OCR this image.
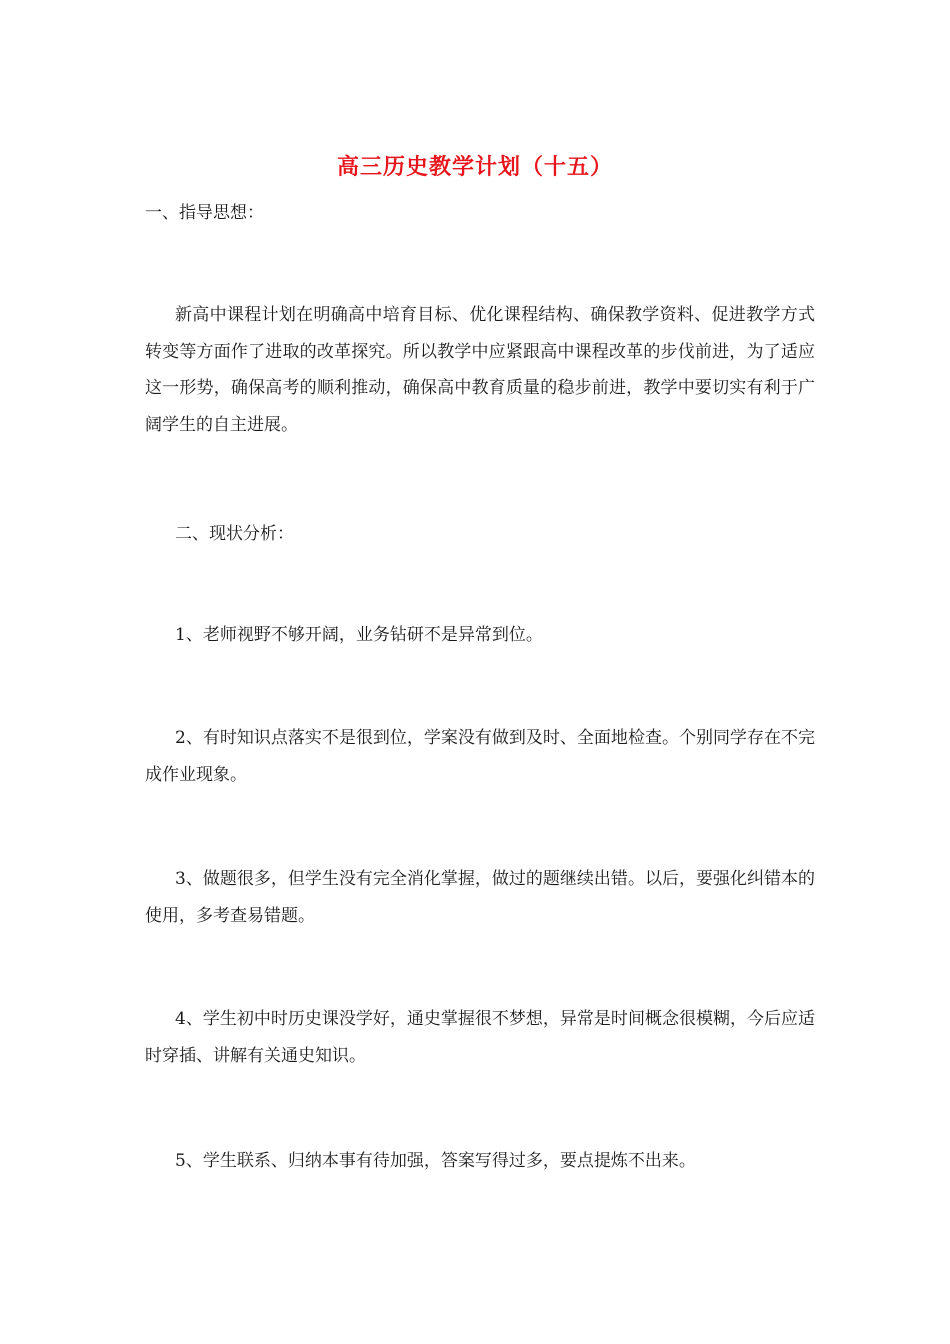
高三历史教学计划（十五）
一、指导思想：
新高中课程计划在明确高中培育目标、优化课程结构、确保教学资料、促进教学方式转变等方面作了进取的改革探究。所以教学中应紧跟高中课程改革的步伐前进，为了适应这一形势，确保高考的顺利推动，确保高中教育质量的稳步前进，教学中要切实有利于广阔学生的自主进展。
二、现状分析：
1、老师视野不够开阔，业务钻研不是异常到位。
2、有时知识点落实不是很到位，学案没有做到及时、全面地检查。个别同学存在不完成作业现象。
3、做题很多，但学生没有完全消化掌握，做过的题继续出错。以后，要强化纠错本的使用，多考查易错题。
4、学生初中时历史课没学好，通史掌握很不梦想，异常是时间概念很模糊，今后应适时穿插、讲解有关通史知识。
5、学生联系、归纳本事有待加强，答案写得过多，要点提炼不出来。
